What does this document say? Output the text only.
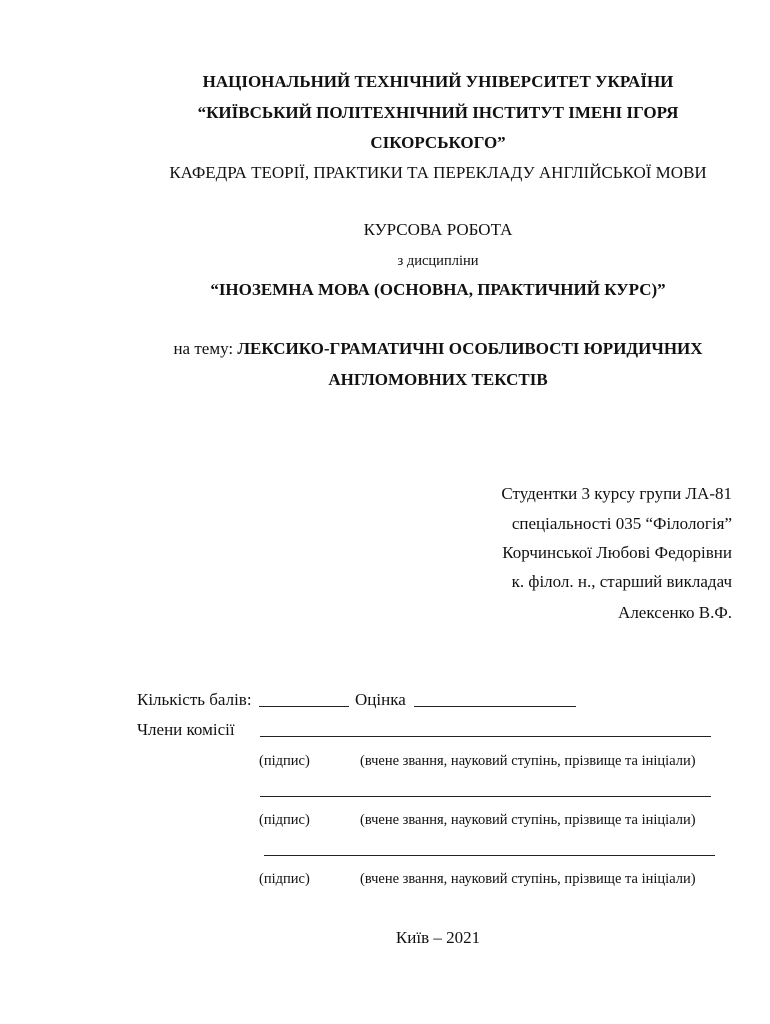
НАЦІОНАЛЬНИЙ ТЕХНІЧНИЙ УНІВЕРСИТЕТ УКРАЇНИ
“КИЇВСЬКИЙ ПОЛІТЕХНІЧНИЙ ІНСТИТУТ ІМЕНІ ІГОРЯ
СІКОРСЬКОГО”
КАФЕДРА ТЕОРІЇ, ПРАКТИКИ ТА ПЕРЕКЛАДУ АНГЛІЙСЬКОЇ МОВИ
КУРСОВА РОБОТА
з дисципліни
“ІНОЗЕМНА МОВА (ОСНОВНА, ПРАКТИЧНИЙ КУРС)”
на тему: ЛЕКСИКО-ГРАМАТИЧНІ ОСОБЛИВОСТІ ЮРИДИЧНИХ
АНГЛОМОВНИХ ТЕКСТІВ
Студентки 3 курсу групи ЛА-81
спеціальності 035 “Філологія”
Корчинської Любові Федорівни
к. філол. н., старший викладач
Алексенко В.Ф.
Кількість балів:	Оцінка
Члени комісії
(підпис)	(вчене звання, науковий ступінь, прізвище та ініціали)
(підпис)	(вчене звання, науковий ступінь, прізвище та ініціали)
(підпис)	(вчене звання, науковий ступінь, прізвище та ініціали)
Київ – 2021
